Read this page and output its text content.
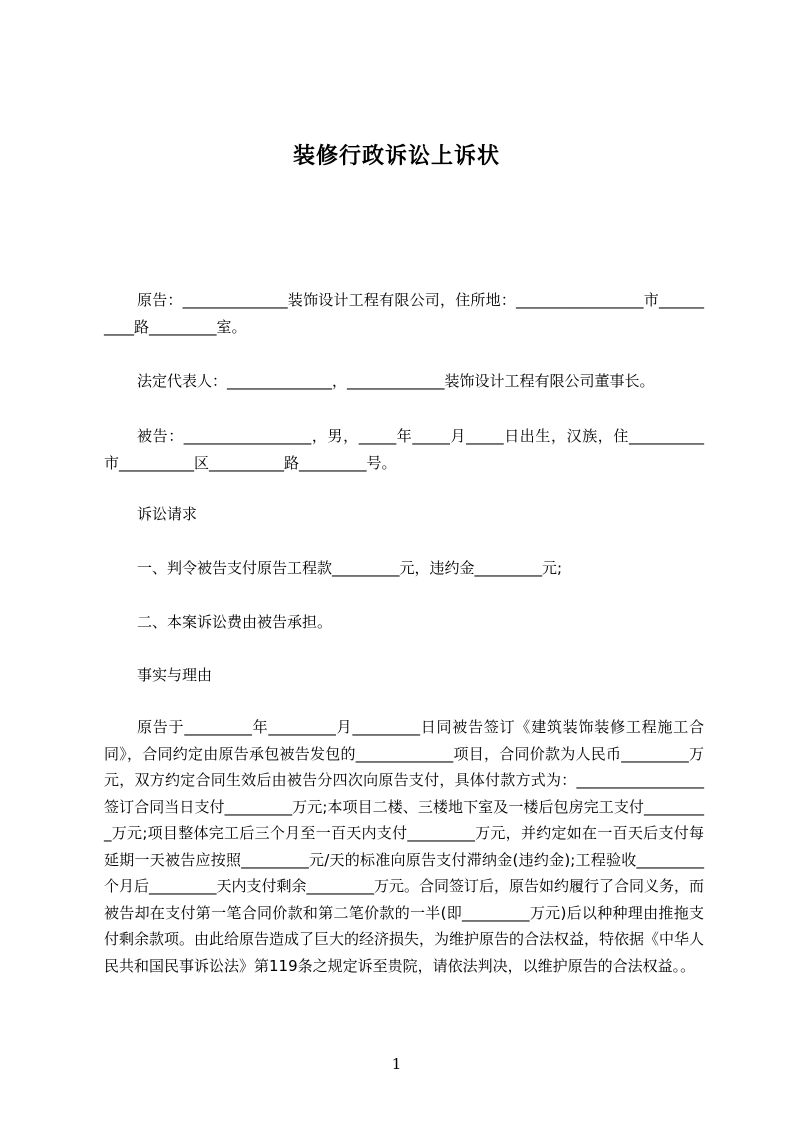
装修行政诉讼上诉状

原告：______________装饰设计工程有限公司，住所地：_________________市__________路_________室。

法定代表人：______________，_____________装饰设计工程有限公司董事长。

被告：_________________，男，_____年_____月_____日出生，汉族，住__________市__________区__________路_________号。

诉讼请求

一、判令被告支付原告工程款_________元，违约金_________元;

二、本案诉讼费由被告承担。

事实与理由

原告于_________年_________月_________日同被告签订《建筑装饰装修工程施工合同》，合同约定由原告承包被告发包的_____________项目，合同价款为人民币_________万元，双方约定合同生效后由被告分四次向原告支付，具体付款方式为：_________________签订合同当日支付_________万元;本项目二楼、三楼地下室及一楼后包房完工支付_________万元;项目整体完工后三个月至一百天内支付_________万元，并约定如在一百天后支付每延期一天被告应按照_________元/天的标准向原告支付滞纳金(违约金);工程验收_________个月后_________天内支付剩余_________万元。合同签订后，原告如约履行了合同义务，而被告却在支付第一笔合同价款和第二笔价款的一半(即_________万元)后以种种理由推拖支付剩余款项。由此给原告造成了巨大的经济损失，为维护原告的合法权益，特依据《中华人民共和国民事诉讼法》第119条之规定诉至贵院，请依法判决，以维护原告的合法权益。。

1
